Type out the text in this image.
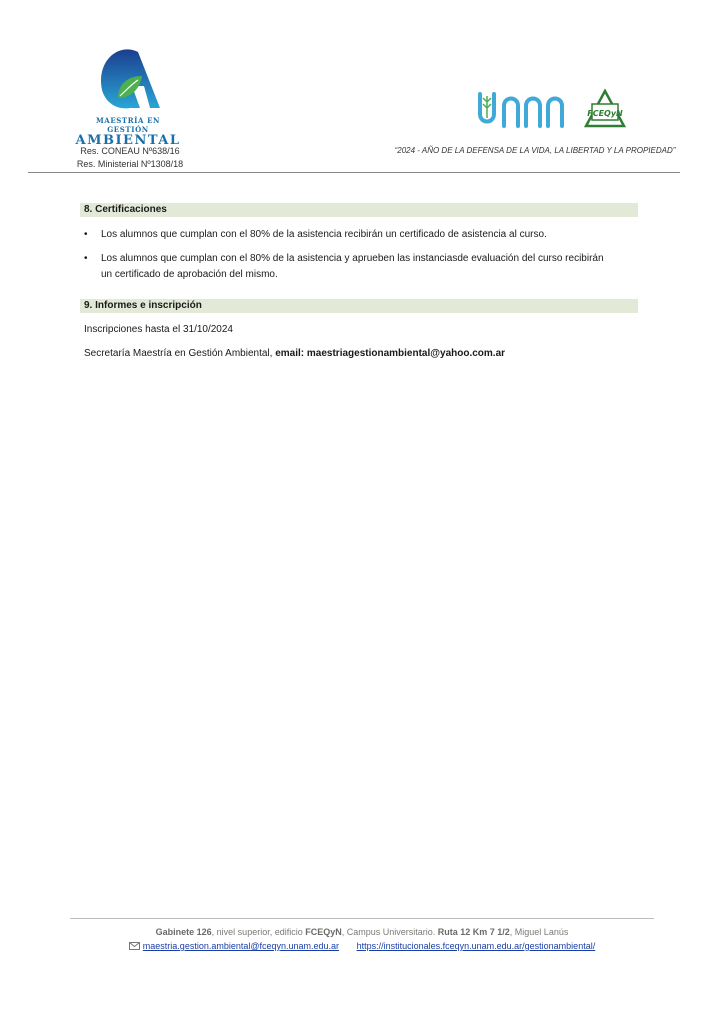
MAESTRÍA EN GESTIÓN
AMBIENTAL
Res. CONEAU Nº638/16
Res. Ministerial Nº1308/18
“2024 - AÑO DE LA DEFENSA DE LA VIDA, LA LIBERTAD Y LA PROPIEDAD”
FCEQyN
8. Certificaciones
• Los alumnos que cumplan con el 80% de la asistencia recibirán un certificado de asistencia al curso.
• Los alumnos que cumplan con el 80% de la asistencia y aprueben las instanciasde evaluación del curso recibirán un certificado de aprobación del mismo.
9. Informes e inscripción
Inscripciones hasta el 31/10/2024
Secretaría Maestría en Gestión Ambiental, email: maestriagestionambiental@yahoo.com.ar
Gabinete 126, nivel superior, edificio FCEQyN, Campus Universitario. Ruta 12 Km 7 1/2, Miguel Lanús
maestria.gestion.ambiental@fceqyn.unam.edu.ar https://institucionales.fceqyn.unam.edu.ar/gestionambiental/
